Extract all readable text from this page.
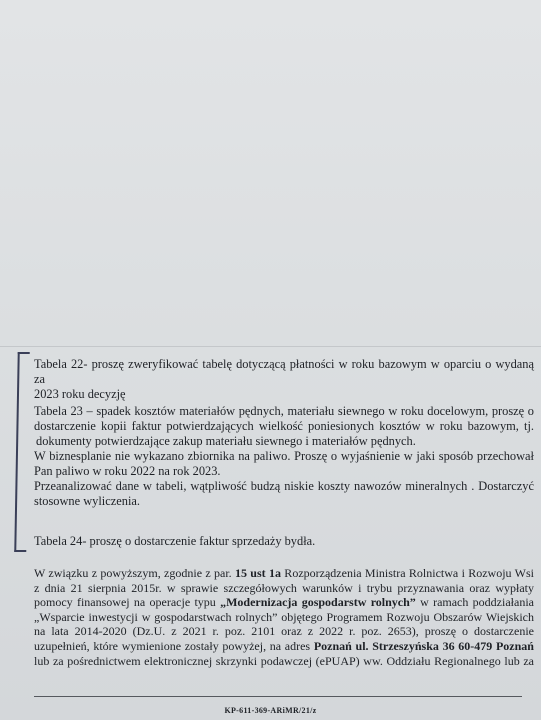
Tabela 22- proszę zweryfikować tabelę dotyczącą płatności w roku bazowym w oparciu o wydaną za

2023 roku decyzję

Tabela 23 – spadek kosztów materiałów pędnych, materiału siewnego w roku docelowym, proszę o

dostarczenie kopii faktur potwierdzających wielkość poniesionych kosztów w roku bazowym, tj.

dokumenty potwierdzające zakup materiału siewnego i materiałów pędnych.

W biznesplanie nie wykazano zbiornika na paliwo. Proszę o wyjaśnienie w jaki sposób przechował

Pan paliwo w roku 2022 na rok 2023.

Przeanalizować dane w tabeli, wątpliwość budzą niskie koszty nawozów mineralnych . Dostarczyć

stosowne wyliczenia.

Tabela 24- proszę o dostarczenie faktur sprzedaży bydła.

W związku z powyższym, zgodnie z par. 15 ust 1a Rozporządzenia Ministra Rolnictwa i Rozwoju Wsi

z dnia 21 sierpnia 2015r. w sprawie szczegółowych warunków i trybu przyznawania oraz wypłaty

pomocy finansowej na operacje typu „Modernizacja gospodarstw rolnych” w ramach poddziałania

„Wsparcie inwestycji w gospodarstwach rolnych” objętego Programem Rozwoju Obszarów Wiejskich

na lata 2014-2020 (Dz.U. z 2021 r. poz. 2101 oraz z 2022 r. poz. 2653), proszę o dostarczenie

uzupełnień, które wymienione zostały powyżej, na adres Poznań ul. Strzeszyńska 36 60-479 Poznań

lub za pośrednictwem elektronicznej skrzynki podawczej (ePUAP) ww. Oddziału Regionalnego lub za

KP-611-369-ARiMR/21/z
